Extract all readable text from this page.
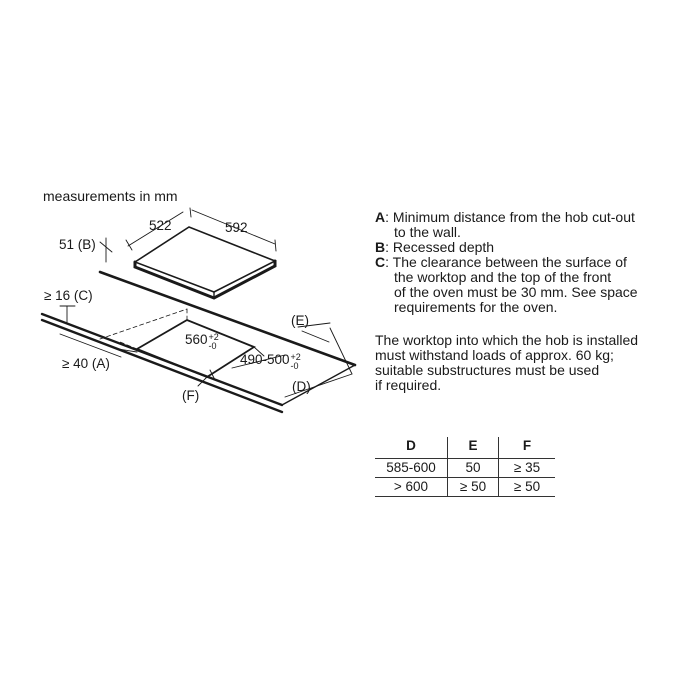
measurements in mm
522	592
51 (B)
≥ 16 (C)
≥ 40 (A)
(E)
(D)
(F)
560 $^{+2 -0}$
490-500 $^{+2 -0}$
A: Minimum distance from the hob cut-out
to the wall.
B: Recessed depth
C: The clearance between the surface of
the worktop and the top of the front
of the oven must be 30 mm. See space
requirements for the oven.
The worktop into which the hob is installed
must withstand loads of approx. 60 kg;
suitable substructures must be used
if required.
D	E	F
585-600	50	≥ 35
> 600	≥ 50	≥ 50
